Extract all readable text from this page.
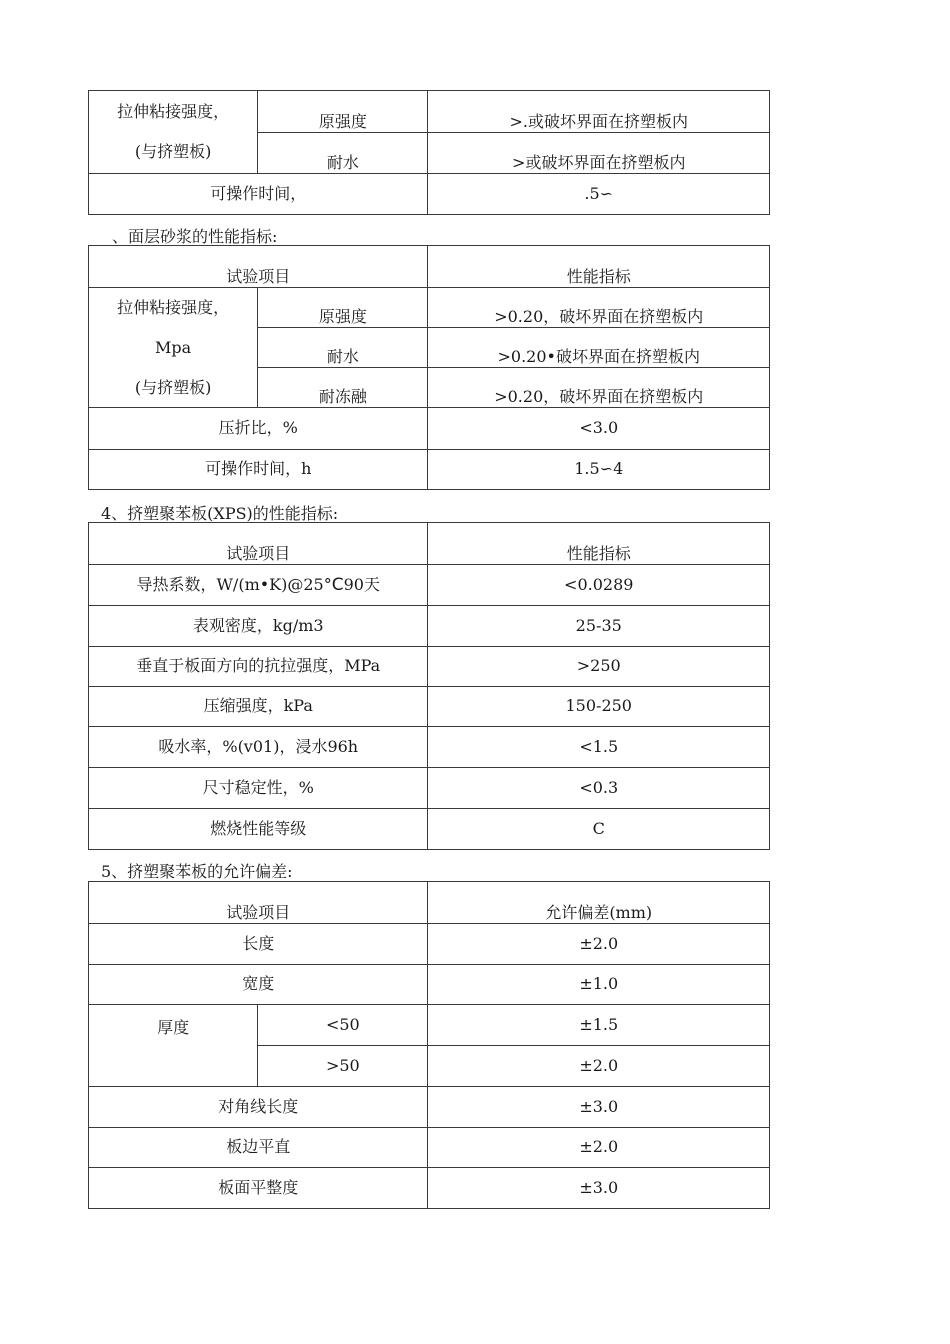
拉伸粘接强度，
(与挤塑板)	原强度	>.或破坏界面在挤塑板内
	耐水	>或破坏界面在挤塑板内
可操作时间，		.5∽
、面层砂浆的性能指标:
试验项目		性能指标

拉伸粘接强度，
Mpa
(与挤塑板)	原强度	>0.20，破坏界面在挤塑板内
	耐水	>0.20•破坏界面在挤塑板内
	耐冻融	>0.20，破坏界面在挤塑板内
压折比，%		<3.0
可操作时间，h		1.5∽4
4、挤塑聚苯板(XPS)的性能指标:
试验项目	性能指标
导热系数，W/(m•K)@25°C90天	<0.0289
表观密度，kg/m3	25-35
垂直于板面方向的抗拉强度，MPa	>250
压缩强度，kPa	150-250
吸水率，%(v01)，浸水96h	<1.5
尺寸稳定性，%	<0.3
燃烧性能等级	C
5、挤塑聚苯板的允许偏差:
试验项目		允许偏差(mm)
长度		±2.0
宽度		±1.0
厚度	<50	±1.5
	>50	±2.0
对角线长度		±3.0
板边平直		±2.0
板面平整度		±3.0
